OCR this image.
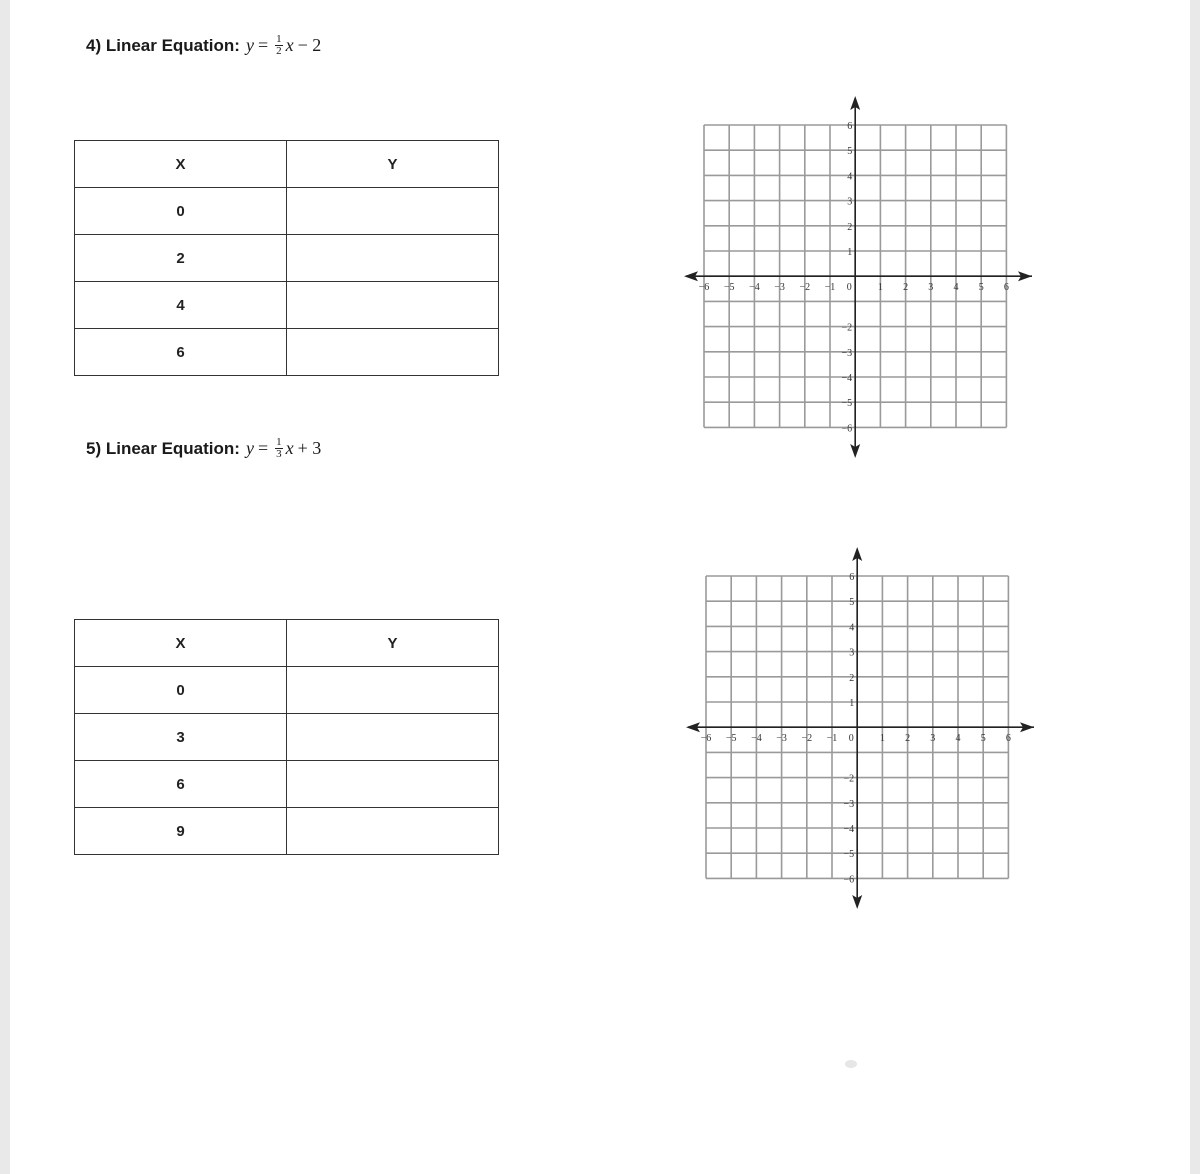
4) Linear Equation: $y = \frac{1}{2}$ x − 2
X	Y
0	
2	
4	
6	
−6 −5 −4 −3 −2 −1 0	1 2 3 4 5 6
6
5
4
3
2
1
−2
−3
−4
−5
−6
5) Linear Equation: $y = \frac{1}{3}$ x + 3
X	Y
0	
3	
6	
9	
−6 −5 −4 −3 −2 −1 0	1 2 3 4 5 6
6
5
4
3
2
1
−2
−3
−4
−5
−6
